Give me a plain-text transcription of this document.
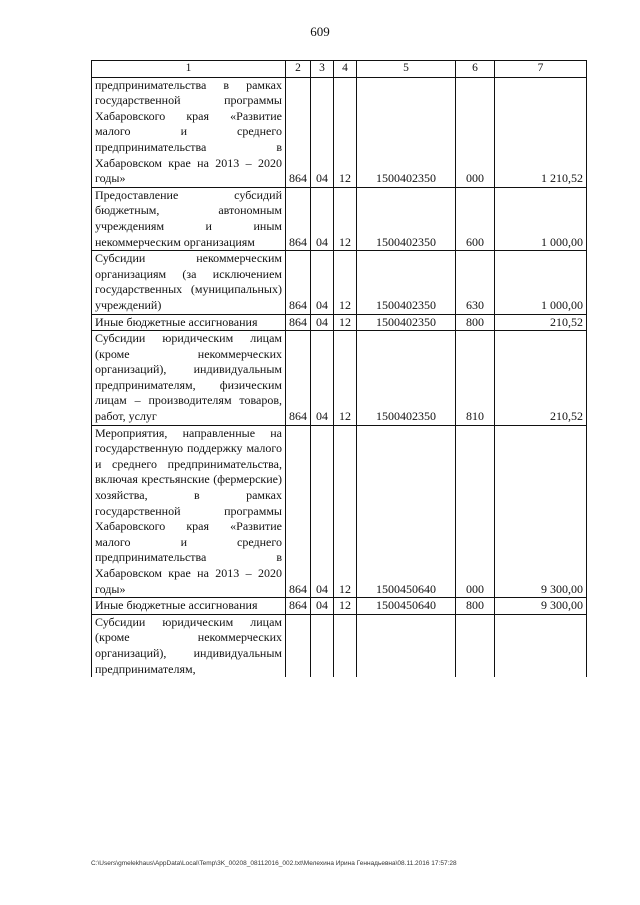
609
1	2	3	4	5	6	7
предпринимательства в рамках государственной программы Хабаровского края «Развитие малого и среднего предпринимательства в Хабаровском крае на 2013 – 2020 годы»	864	04	12	1500402350	000	1 210,52
Предоставление субсидий бюджетным, автономным учреждениям и иным некоммерческим организациям	864	04	12	1500402350	600	1 000,00
Субсидии некоммерческим организациям (за исключением государственных (муниципальных) учреждений)	864	04	12	1500402350	630	1 000,00
Иные бюджетные ассигнования	864	04	12	1500402350	800	210,52
Субсидии юридическим лицам (кроме некоммерческих организаций), индивидуальным предпринимателям, физическим лицам – производителям товаров, работ, услуг	864	04	12	1500402350	810	210,52
Мероприятия, направленные на государственную поддержку малого и среднего предпринимательства, включая крестьянские (фермерские) хозяйства, в рамках государственной программы Хабаровского края «Развитие малого и среднего предпринимательства в Хабаровском крае на 2013 – 2020 годы»	864	04	12	1500450640	000	9 300,00
Иные бюджетные ассигнования	864	04	12	1500450640	800	9 300,00
Субсидии юридическим лицам (кроме некоммерческих организаций), индивидуальным предпринимателям,						
C:\Users\gmelekhaus\AppData\Local\Temp\3K_00208_08112016_002.txt\Мелехина Ирина Геннадьевна\08.11.2016 17:57:28
